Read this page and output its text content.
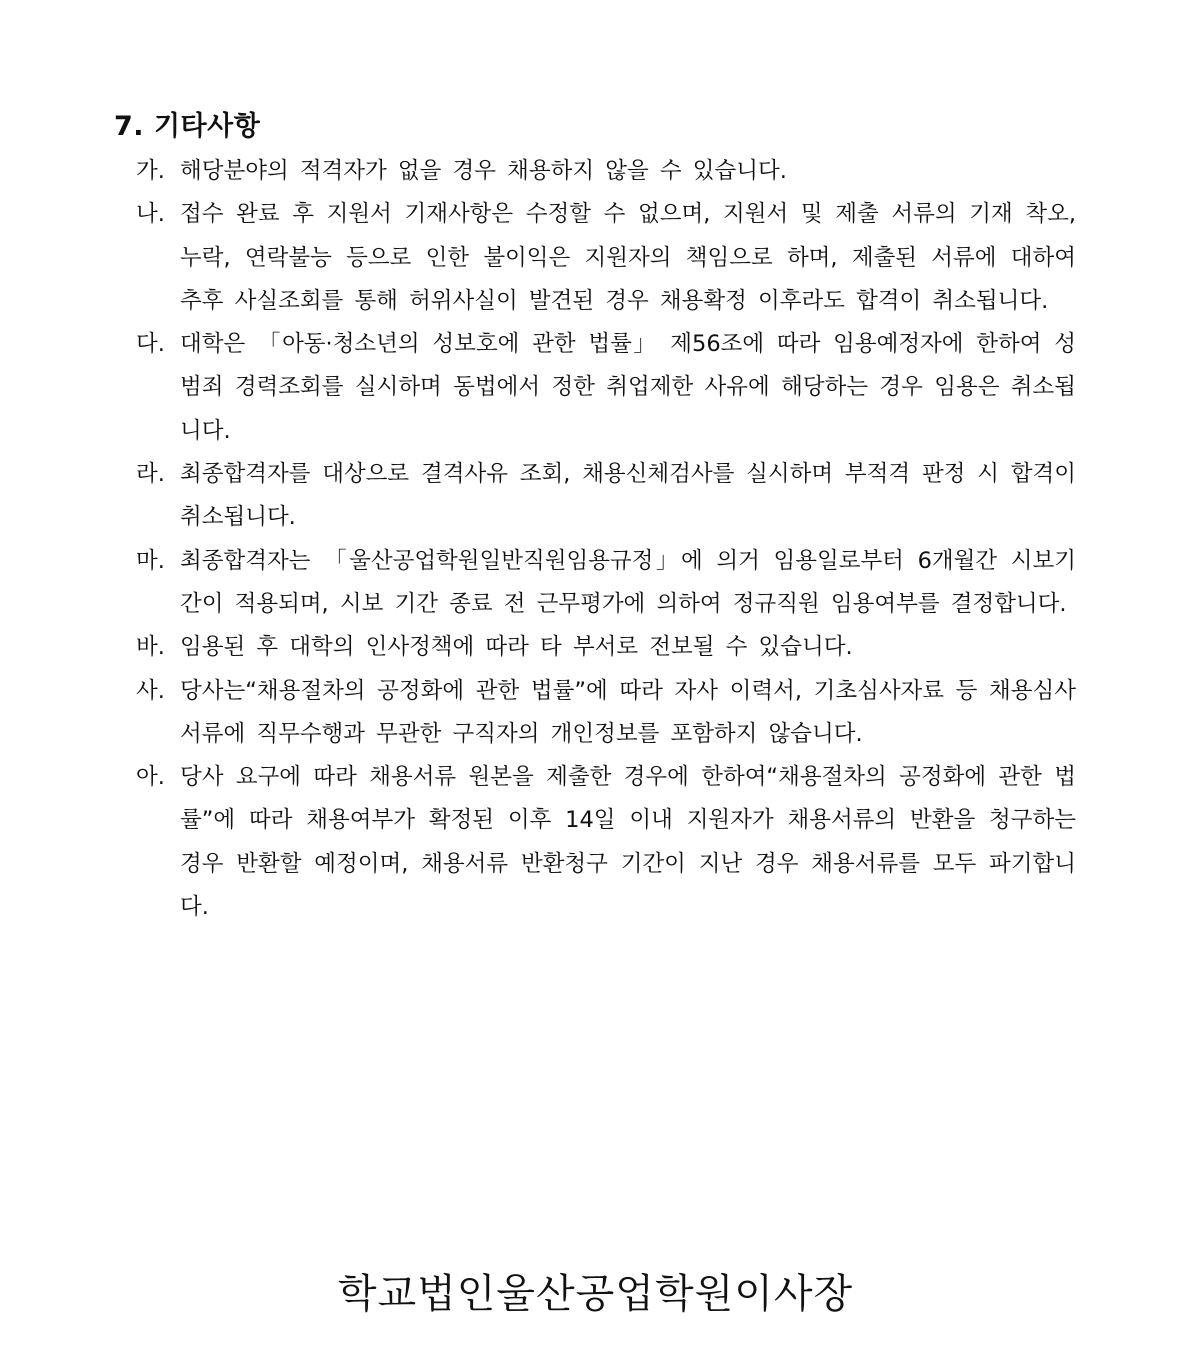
7. 기타사항
가. 해당분야의 적격자가 없을 경우 채용하지 않을 수 있습니다.
나. 접수 완료 후 지원서 기재사항은 수정할 수 없으며, 지원서 및 제출 서류의 기재 착오, 누락, 연락불능 등으로 인한 불이익은 지원자의 책임으로 하며, 제출된 서류에 대하여 추후 사실조회를 통해 허위사실이 발견된 경우 채용확정 이후라도 합격이 취소됩니다.
다. 대학은 「아동·청소년의 성보호에 관한 법률」 제56조에 따라 임용예정자에 한하여 성범죄 경력조회를 실시하며 동법에서 정한 취업제한 사유에 해당하는 경우 임용은 취소됩니다.
라. 최종합격자를 대상으로 결격사유 조회, 채용신체검사를 실시하며 부적격 판정 시 합격이 취소됩니다.
마. 최종합격자는 「울산공업학원일반직원임용규정」에 의거 임용일로부터 6개월간 시보기간이 적용되며, 시보 기간 종료 전 근무평가에 의하여 정규직원 임용여부를 결정합니다.
바. 임용된 후 대학의 인사정책에 따라 타 부서로 전보될 수 있습니다.
사. 당사는“채용절차의 공정화에 관한 법률”에 따라 자사 이력서, 기초심사자료 등 채용심사 서류에 직무수행과 무관한 구직자의 개인정보를 포함하지 않습니다.
아. 당사 요구에 따라 채용서류 원본을 제출한 경우에 한하여“채용절차의 공정화에 관한 법률”에 따라 채용여부가 확정된 이후 14일 이내 지원자가 채용서류의 반환을 청구하는 경우 반환할 예정이며, 채용서류 반환청구 기간이 지난 경우 채용서류를 모두 파기합니다.

학교법인울산공업학원이사장
